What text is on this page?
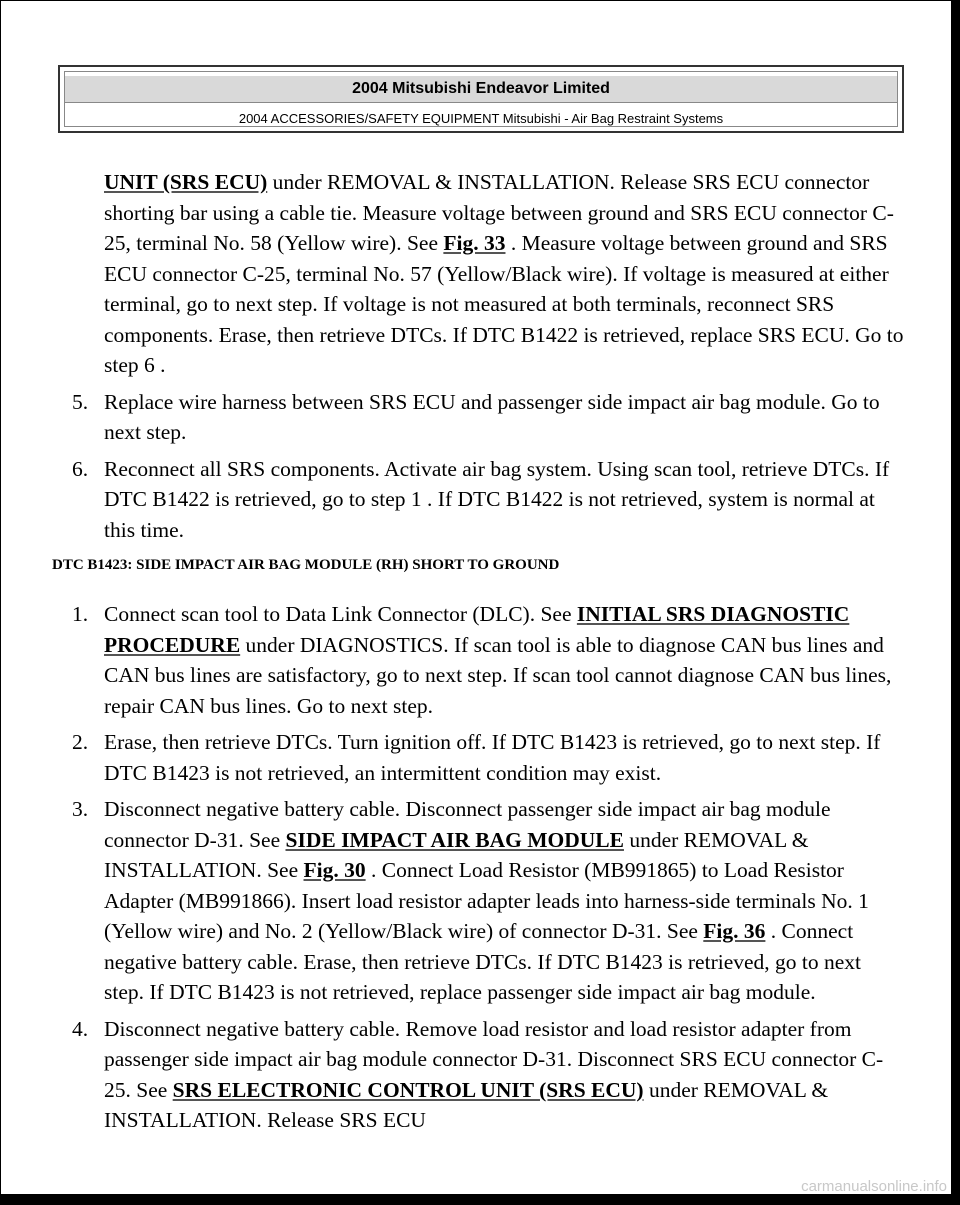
2004 Mitsubishi Endeavor Limited
2004 ACCESSORIES/SAFETY EQUIPMENT Mitsubishi - Air Bag Restraint Systems
UNIT (SRS ECU) under REMOVAL & INSTALLATION. Release SRS ECU connector shorting bar using a cable tie. Measure voltage between ground and SRS ECU connector C-25, terminal No. 58 (Yellow wire). See Fig. 33 . Measure voltage between ground and SRS ECU connector C-25, terminal No. 57 (Yellow/Black wire). If voltage is measured at either terminal, go to next step. If voltage is not measured at both terminals, reconnect SRS components. Erase, then retrieve DTCs. If DTC B1422 is retrieved, replace SRS ECU. Go to step 6 .
5. Replace wire harness between SRS ECU and passenger side impact air bag module. Go to next step.
6. Reconnect all SRS components. Activate air bag system. Using scan tool, retrieve DTCs. If DTC B1422 is retrieved, go to step 1 . If DTC B1422 is not retrieved, system is normal at this time.
DTC B1423: SIDE IMPACT AIR BAG MODULE (RH) SHORT TO GROUND
1. Connect scan tool to Data Link Connector (DLC). See INITIAL SRS DIAGNOSTIC PROCEDURE under DIAGNOSTICS. If scan tool is able to diagnose CAN bus lines and CAN bus lines are satisfactory, go to next step. If scan tool cannot diagnose CAN bus lines, repair CAN bus lines. Go to next step.
2. Erase, then retrieve DTCs. Turn ignition off. If DTC B1423 is retrieved, go to next step. If DTC B1423 is not retrieved, an intermittent condition may exist.
3. Disconnect negative battery cable. Disconnect passenger side impact air bag module connector D-31. See SIDE IMPACT AIR BAG MODULE under REMOVAL & INSTALLATION. See Fig. 30 . Connect Load Resistor (MB991865) to Load Resistor Adapter (MB991866). Insert load resistor adapter leads into harness-side terminals No. 1 (Yellow wire) and No. 2 (Yellow/Black wire) of connector D-31. See Fig. 36 . Connect negative battery cable. Erase, then retrieve DTCs. If DTC B1423 is retrieved, go to next step. If DTC B1423 is not retrieved, replace passenger side impact air bag module.
4. Disconnect negative battery cable. Remove load resistor and load resistor adapter from passenger side impact air bag module connector D-31. Disconnect SRS ECU connector C-25. See SRS ELECTRONIC CONTROL UNIT (SRS ECU) under REMOVAL & INSTALLATION. Release SRS ECU
carmanualsonline.info
